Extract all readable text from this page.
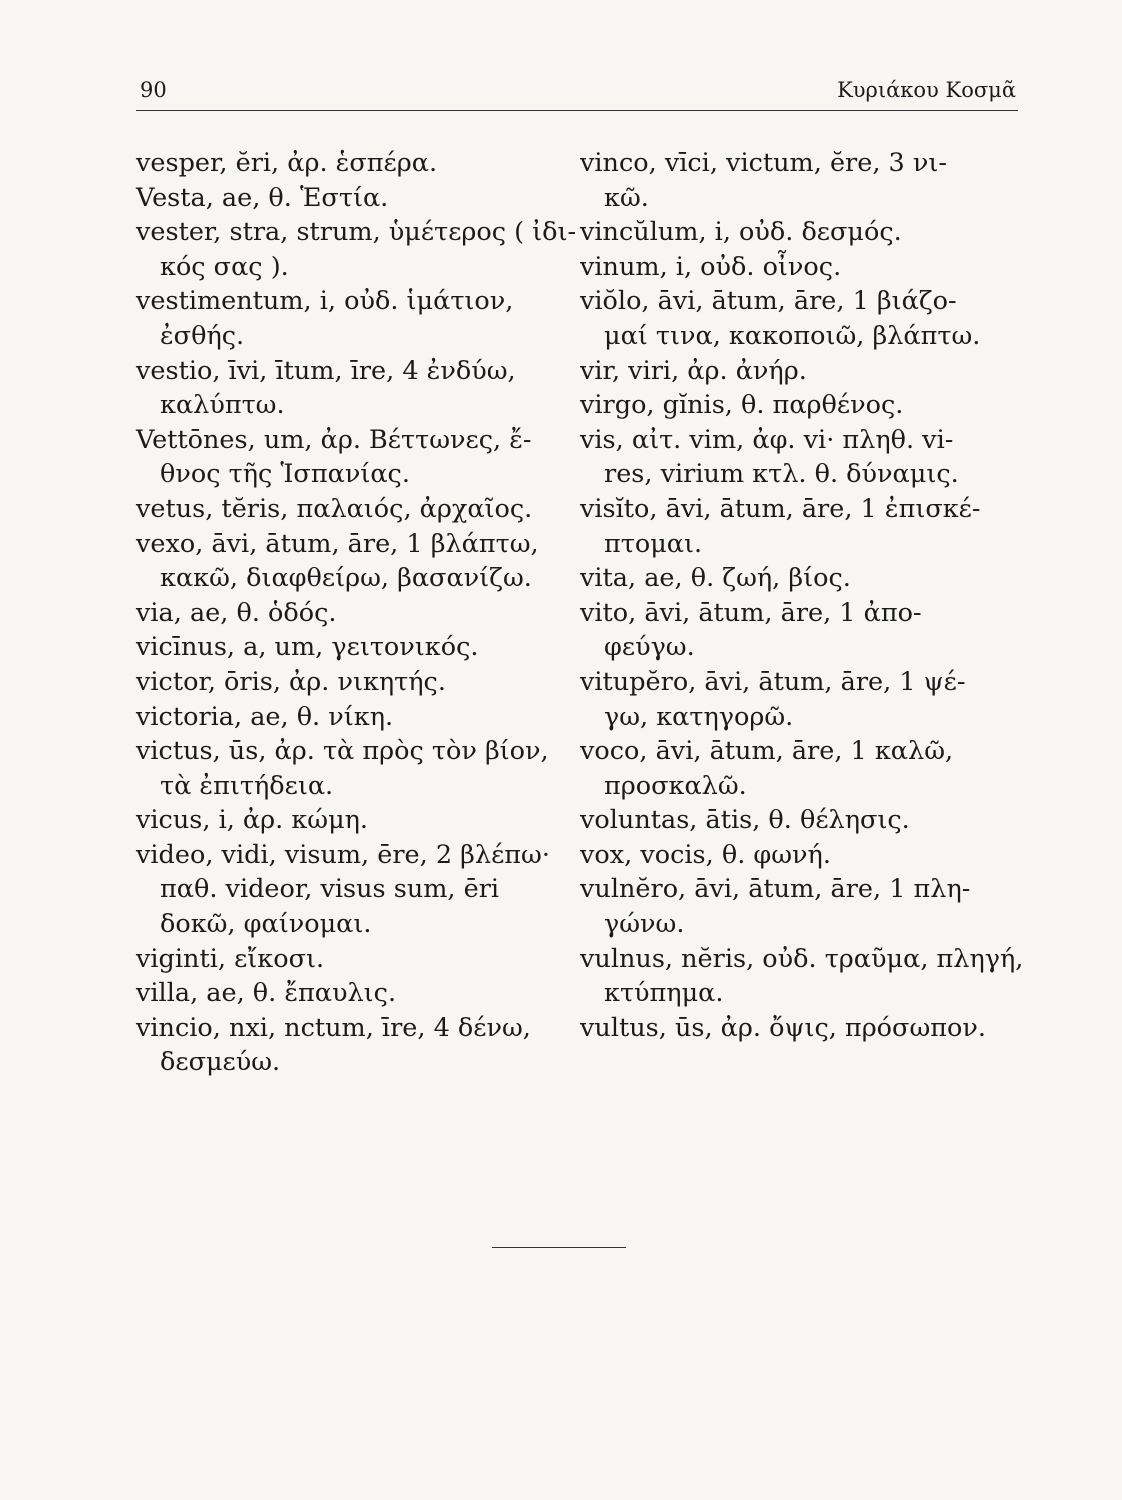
90	Κυριάκου Κοσμᾶ
vesper, ĕri, ἀρ. ἑσπέρα.
Vesta, ae, θ. Ἑστία.
vester, stra, strum, ὑμέτερος ( ἰδι-
κός σας ).
vestimentum, i, οὐδ. ἱμάτιον,
ἐσθής.
vestio, īvi, ītum, īre, 4 ἐνδύω,
καλύπτω.
Vettōnes, um, ἀρ. Βέττωνες, ἔ-
θνος τῆς Ἱσπανίας.
vetus, tĕris, παλαιός, ἀρχαῖος.
vexo, āvi, ātum, āre, 1 βλάπτω,
κακῶ, διαφθείρω, βασανίζω.
via, ae, θ. ὁδός.
vicīnus, a, um, γειτονικός.
victor, ōris, ἀρ. νικητής.
victoria, ae, θ. νίκη.
victus, ūs, ἀρ. τὰ πρὸς τὸν βίον,
τὰ ἐπιτήδεια.
vicus, i, ἀρ. κώμη.
video, vidi, visum, ēre, 2 βλέπω·
παθ. videor, visus sum, ēri
δοκῶ, φαίνομαι.
viginti, εἴκοσι.
villa, ae, θ. ἔπαυλις.
vincio, nxi, nctum, īre, 4 δένω,
δεσμεύω.
vinco, vīci, victum, ĕre, 3 νι-
κῶ.
vincŭlum, i, οὐδ. δεσμός.
vinum, i, οὐδ. οἶνος.
viŏlo, āvi, ātum, āre, 1 βιάζο-
μαί τινα, κακοποιῶ, βλάπτω.
vir, viri, ἀρ. ἀνήρ.
virgo, gĭnis, θ. παρθένος.
vis, αἰτ. vim, ἀφ. vi· πληθ. vi-
res, virium κτλ. θ. δύναμις.
visĭto, āvi, ātum, āre, 1 ἐπισκέ-
πτομαι.
vita, ae, θ. ζωή, βίος.
vito, āvi, ātum, āre, 1 ἀπο-
φεύγω.
vitupĕro, āvi, ātum, āre, 1 ψέ-
γω, κατηγορῶ.
voco, āvi, ātum, āre, 1 καλῶ,
προσκαλῶ.
voluntas, ātis, θ. θέλησις.
vox, vocis, θ. φωνή.
vulnĕro, āvi, ātum, āre, 1 πλη-
γώνω.
vulnus, nĕris, οὐδ. τραῦμα, πληγή,
κτύπημα.
vultus, ūs, ἀρ. ὄψις, πρόσωπον.
